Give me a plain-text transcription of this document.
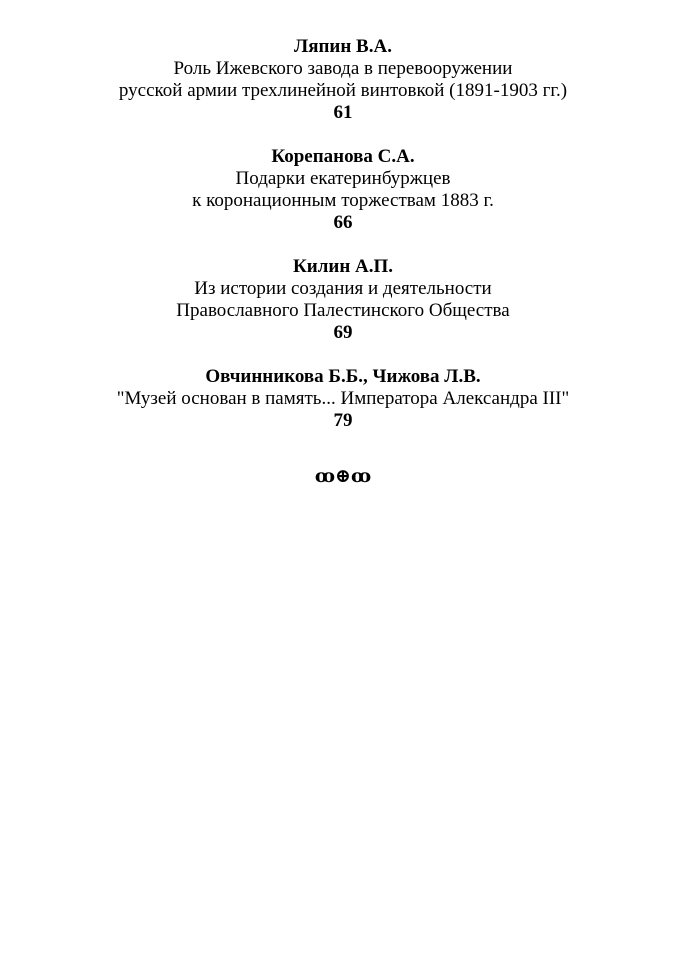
Ляпин В.А.
Роль Ижевского завода в перевооружении
русской армии трехлинейной винтовкой (1891-1903 гг.)
61
Корепанова С.А.
Подарки екатеринбуржцев
к коронационным торжествам 1883 г.
66
Килин А.П.
Из истории создания и деятельности
Православного Палестинского Общества
69
Овчинникова Б.Б., Чижова Л.В.
"Музей основан в память... Императора Александра III"
79
ꝏ⊕ꝏ
